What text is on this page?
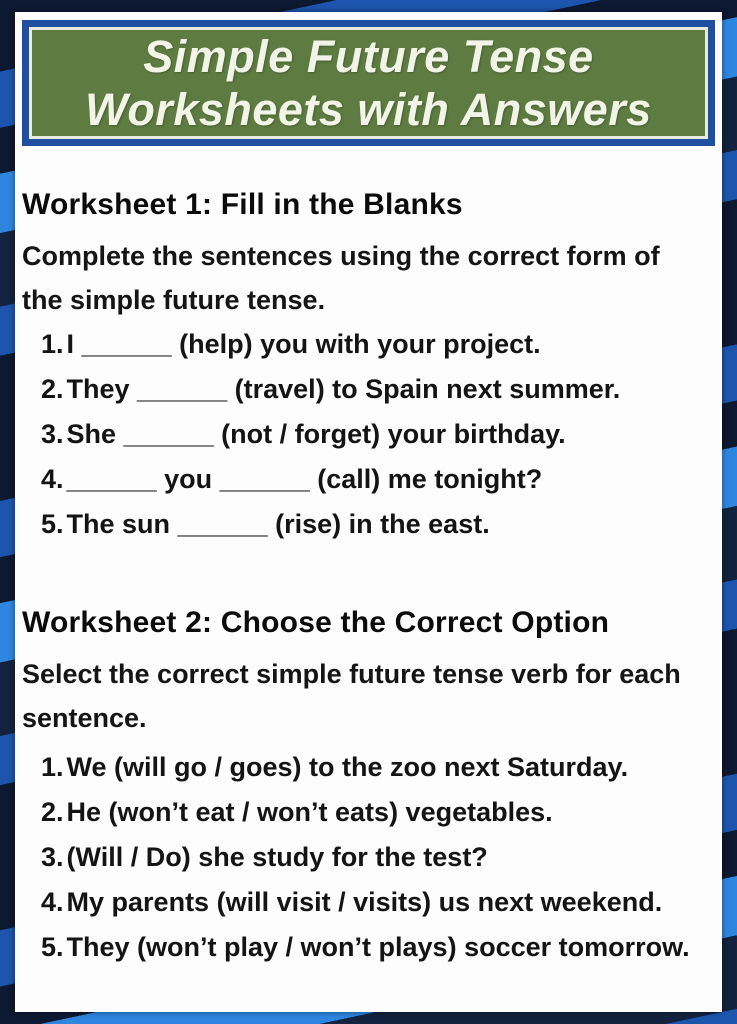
Simple Future Tense
Worksheets with Answers
Worksheet 1: Fill in the Blanks

Complete the sentences using the correct form of the simple future tense.

1. I ______ (help) you with your project.
2. They ______ (travel) to Spain next summer.
3. She ______ (not / forget) your birthday.
4. ______ you ______ (call) me tonight?
5. The sun ______ (rise) in the east.
Worksheet 2: Choose the Correct Option

Select the correct simple future tense verb for each sentence.

1. We (will go / goes) to the zoo next Saturday.
2. He (won’t eat / won’t eats) vegetables.
3. (Will / Do) she study for the test?
4. My parents (will visit / visits) us next weekend.
5. They (won’t play / won’t plays) soccer tomorrow.
